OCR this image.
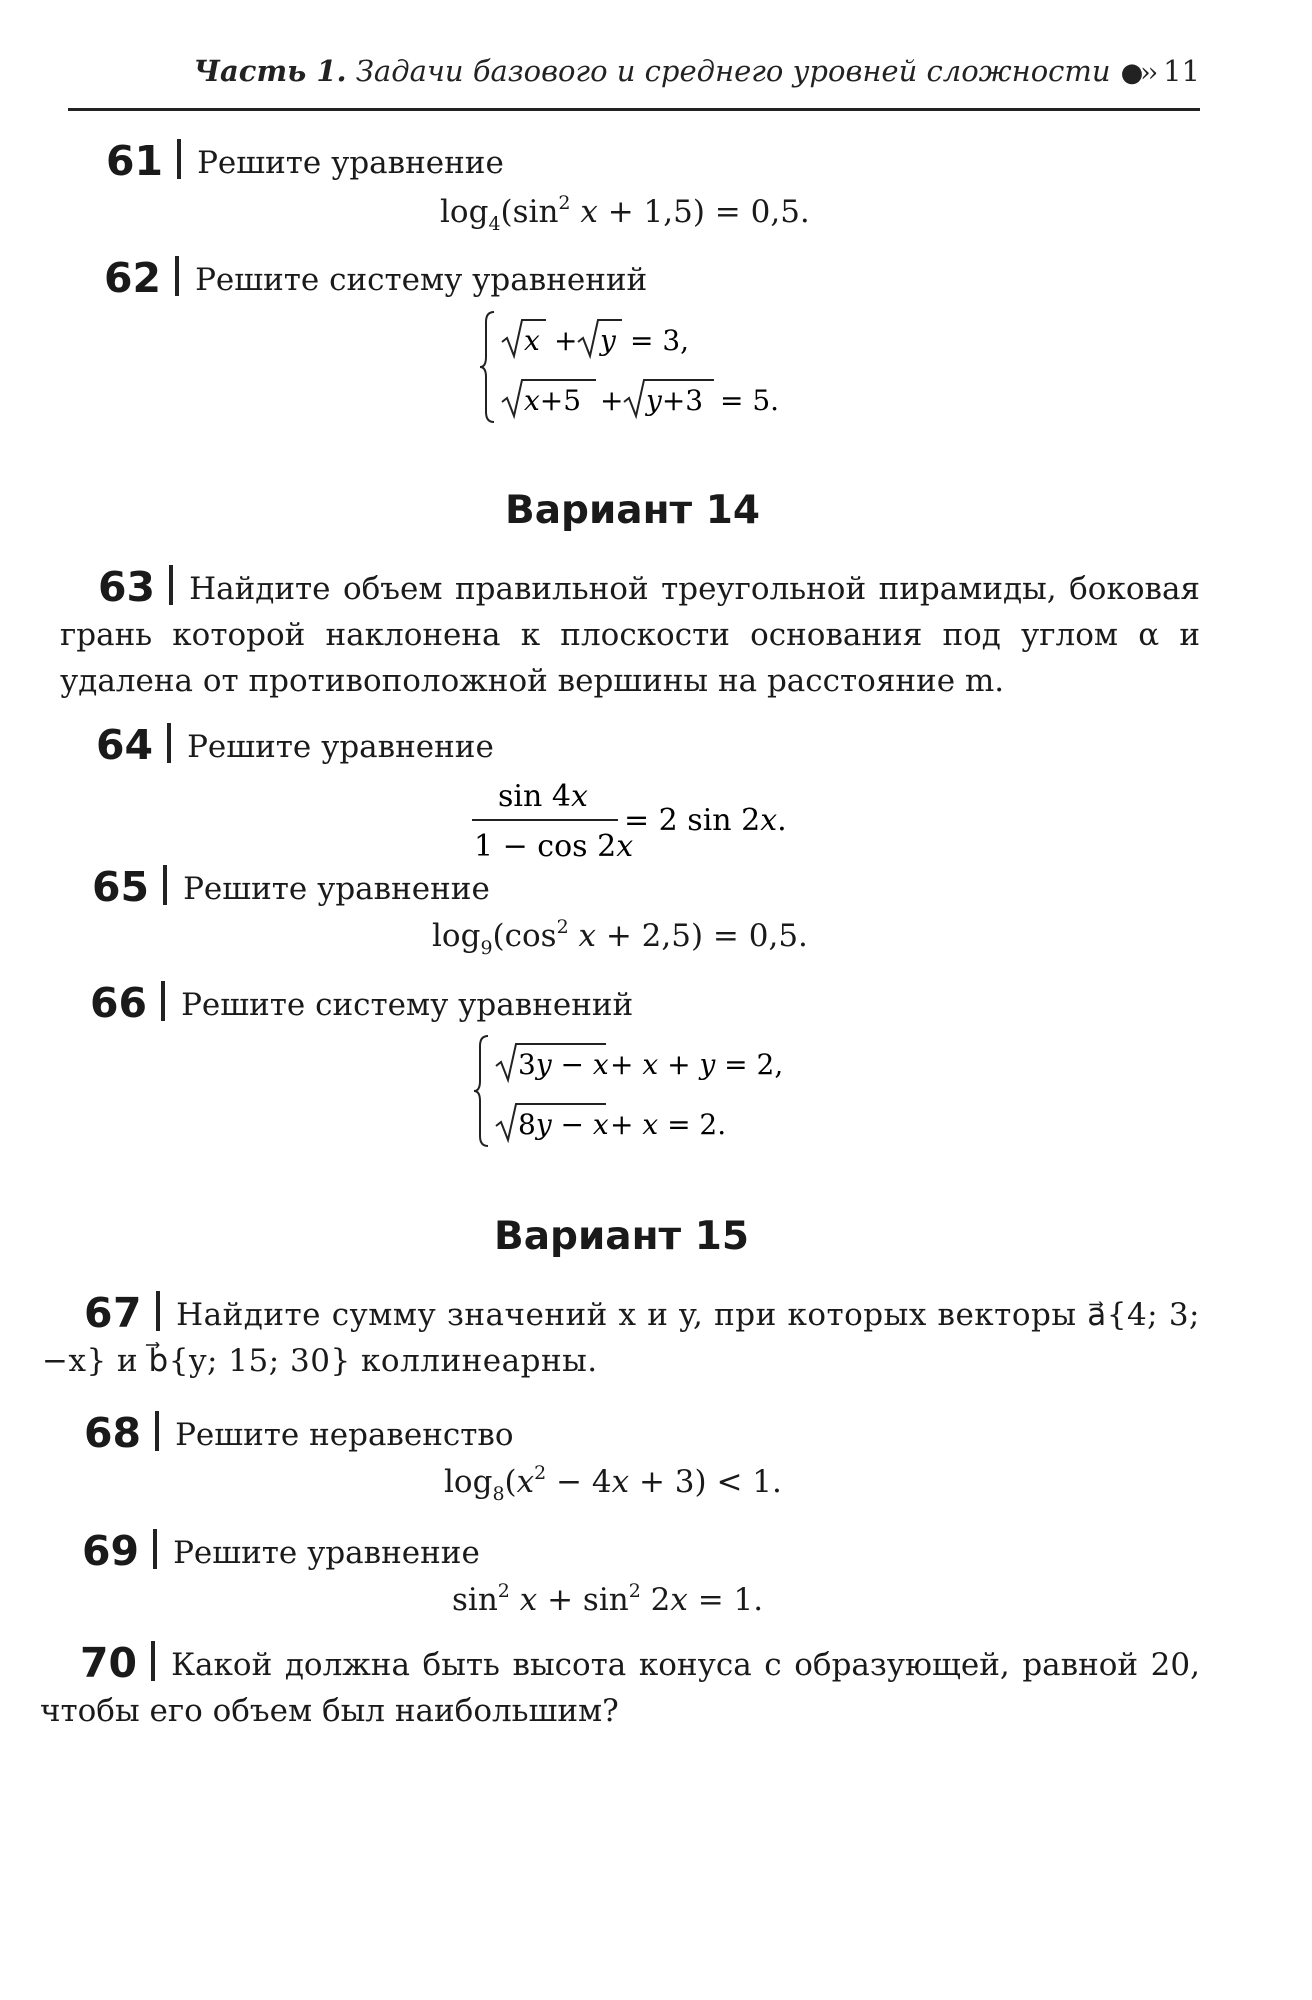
Часть 1. Задачи базового и среднего уровней сложности ●›› 11
61 Решите уравнение
$\log_4(\sin^2$ x + 1,5) = 0,5.
62 Решите систему уравнений
x + y = 3,
x+5 + y+3 = 5.
Вариант 14
63 Найдите объем правильной треугольной пирамиды, боковая грань которой наклонена к плоскости основания под углом α и удалена от противоположной вершины на расстояние m.
64 Решите уравнение
sin 4x
1 − cos 2x
= 2 sin 2x.
65 Решите уравнение
$\log_9(\cos^2$ x + 2,5) = 0,5.
66 Решите систему уравнений
3y − x + x + y = 2,
8y − x + x = 2.
Вариант 15
67 Найдите сумму значений x и y, при которых векторы a⃗{4; 3; −x} и b⃗{y; 15; 30} коллинеарны.
68 Решите неравенство
$\log_8(x^2 - 4x + 3) < 1$.
69 Решите уравнение
$\sin^2 x + \sin^2 2x = 1$.
70 Какой должна быть высота конуса с образующей, равной 20, чтобы его объем был наибольшим?
